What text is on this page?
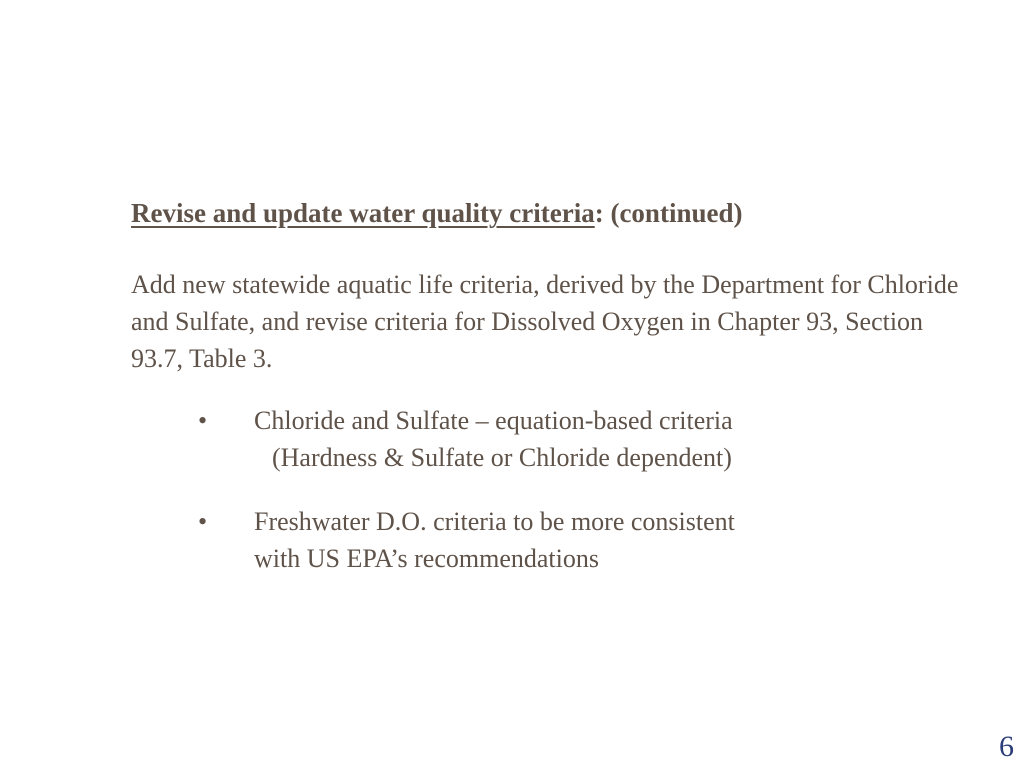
Revise and update water quality criteria: (continued)

Add new statewide aquatic life criteria, derived by the Department for Chloride and Sulfate, and revise criteria for Dissolved Oxygen in Chapter 93, Section 93.7, Table 3.

•	Chloride and Sulfate – equation-based criteria
(Hardness & Sulfate or Chloride dependent)
•	Freshwater D.O. criteria to be more consistent
with US EPA’s recommendations
6
